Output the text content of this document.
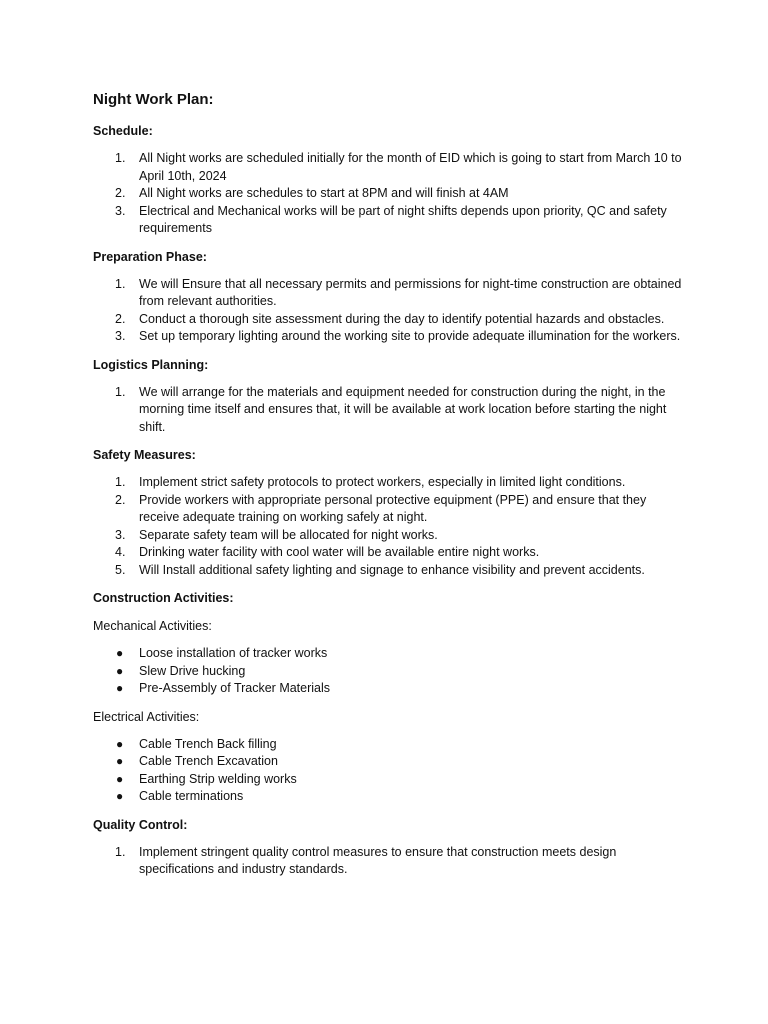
Night Work Plan:
Schedule:
1.	All Night works are scheduled initially for the month of EID which is going to start from March 10 to April 10th, 2024
2.	All Night works are schedules to start at 8PM and will finish at 4AM
3.	Electrical and Mechanical works will be part of night shifts depends upon priority, QC and safety requirements
Preparation Phase:
1.	We will Ensure that all necessary permits and permissions for night-time construction are obtained from relevant authorities.
2.	Conduct a thorough site assessment during the day to identify potential hazards and obstacles.
3.	Set up temporary lighting around the working site to provide adequate illumination for the workers.
Logistics Planning:
1.	We will arrange for the materials and equipment needed for construction during the night, in the morning time itself and ensures that, it will be available at work location before starting the night shift.
Safety Measures:
1.	Implement strict safety protocols to protect workers, especially in limited light conditions.
2.	Provide workers with appropriate personal protective equipment (PPE) and ensure that they receive adequate training on working safely at night.
3.	Separate safety team will be allocated for night works.
4.	Drinking water facility with cool water will be available entire night works.
5.	Will Install additional safety lighting and signage to enhance visibility and prevent accidents.
Construction Activities:

Mechanical Activities:

●	Loose installation of tracker works
●	Slew Drive hucking
●	Pre-Assembly of Tracker Materials

Electrical Activities:

●	Cable Trench Back filling
●	Cable Trench Excavation
●	Earthing Strip welding works
●	Cable terminations
Quality Control:
1.	Implement stringent quality control measures to ensure that construction meets design specifications and industry standards.
